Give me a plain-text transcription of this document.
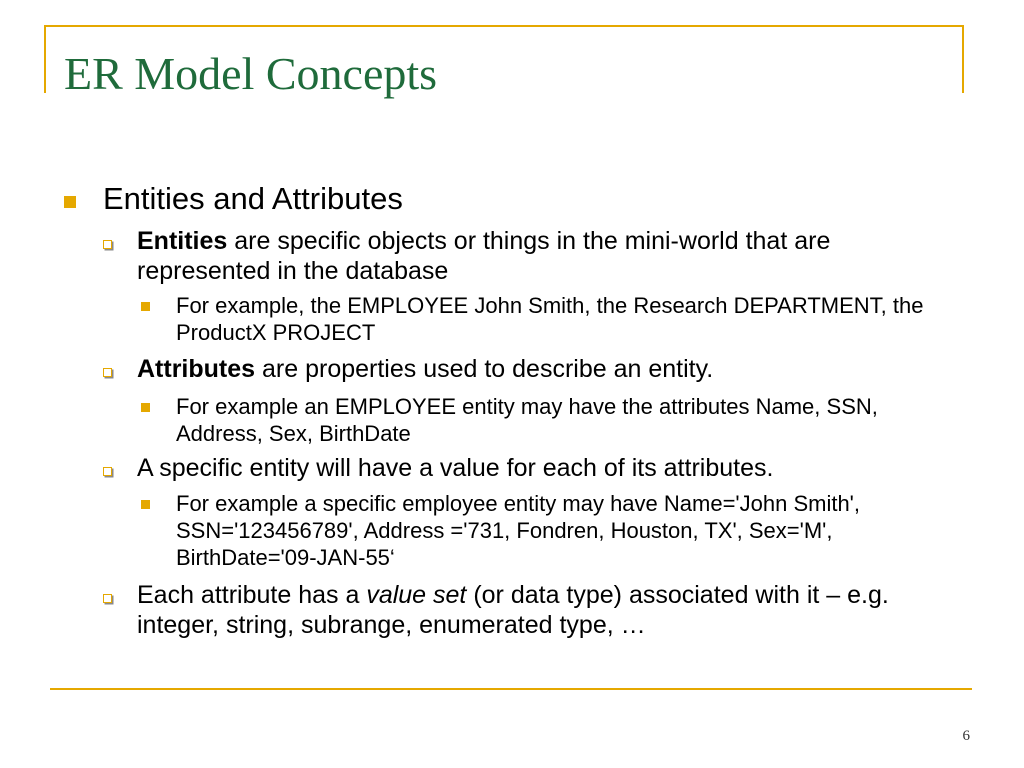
ER Model Concepts
Entities and Attributes
Entities are specific objects or things in the mini-world that are represented in the database
For example, the EMPLOYEE John Smith, the Research DEPARTMENT, the ProductX PROJECT
Attributes are properties used to describe an entity.
For example an EMPLOYEE entity may have the attributes Name, SSN, Address, Sex, BirthDate
A specific entity will have a value for each of its attributes.
For example a specific employee entity may have Name='John Smith', SSN='123456789', Address ='731, Fondren, Houston, TX', Sex='M', BirthDate='09-JAN-55‘
Each attribute has a value set (or data type) associated with it – e.g. integer, string, subrange, enumerated type, …
6
